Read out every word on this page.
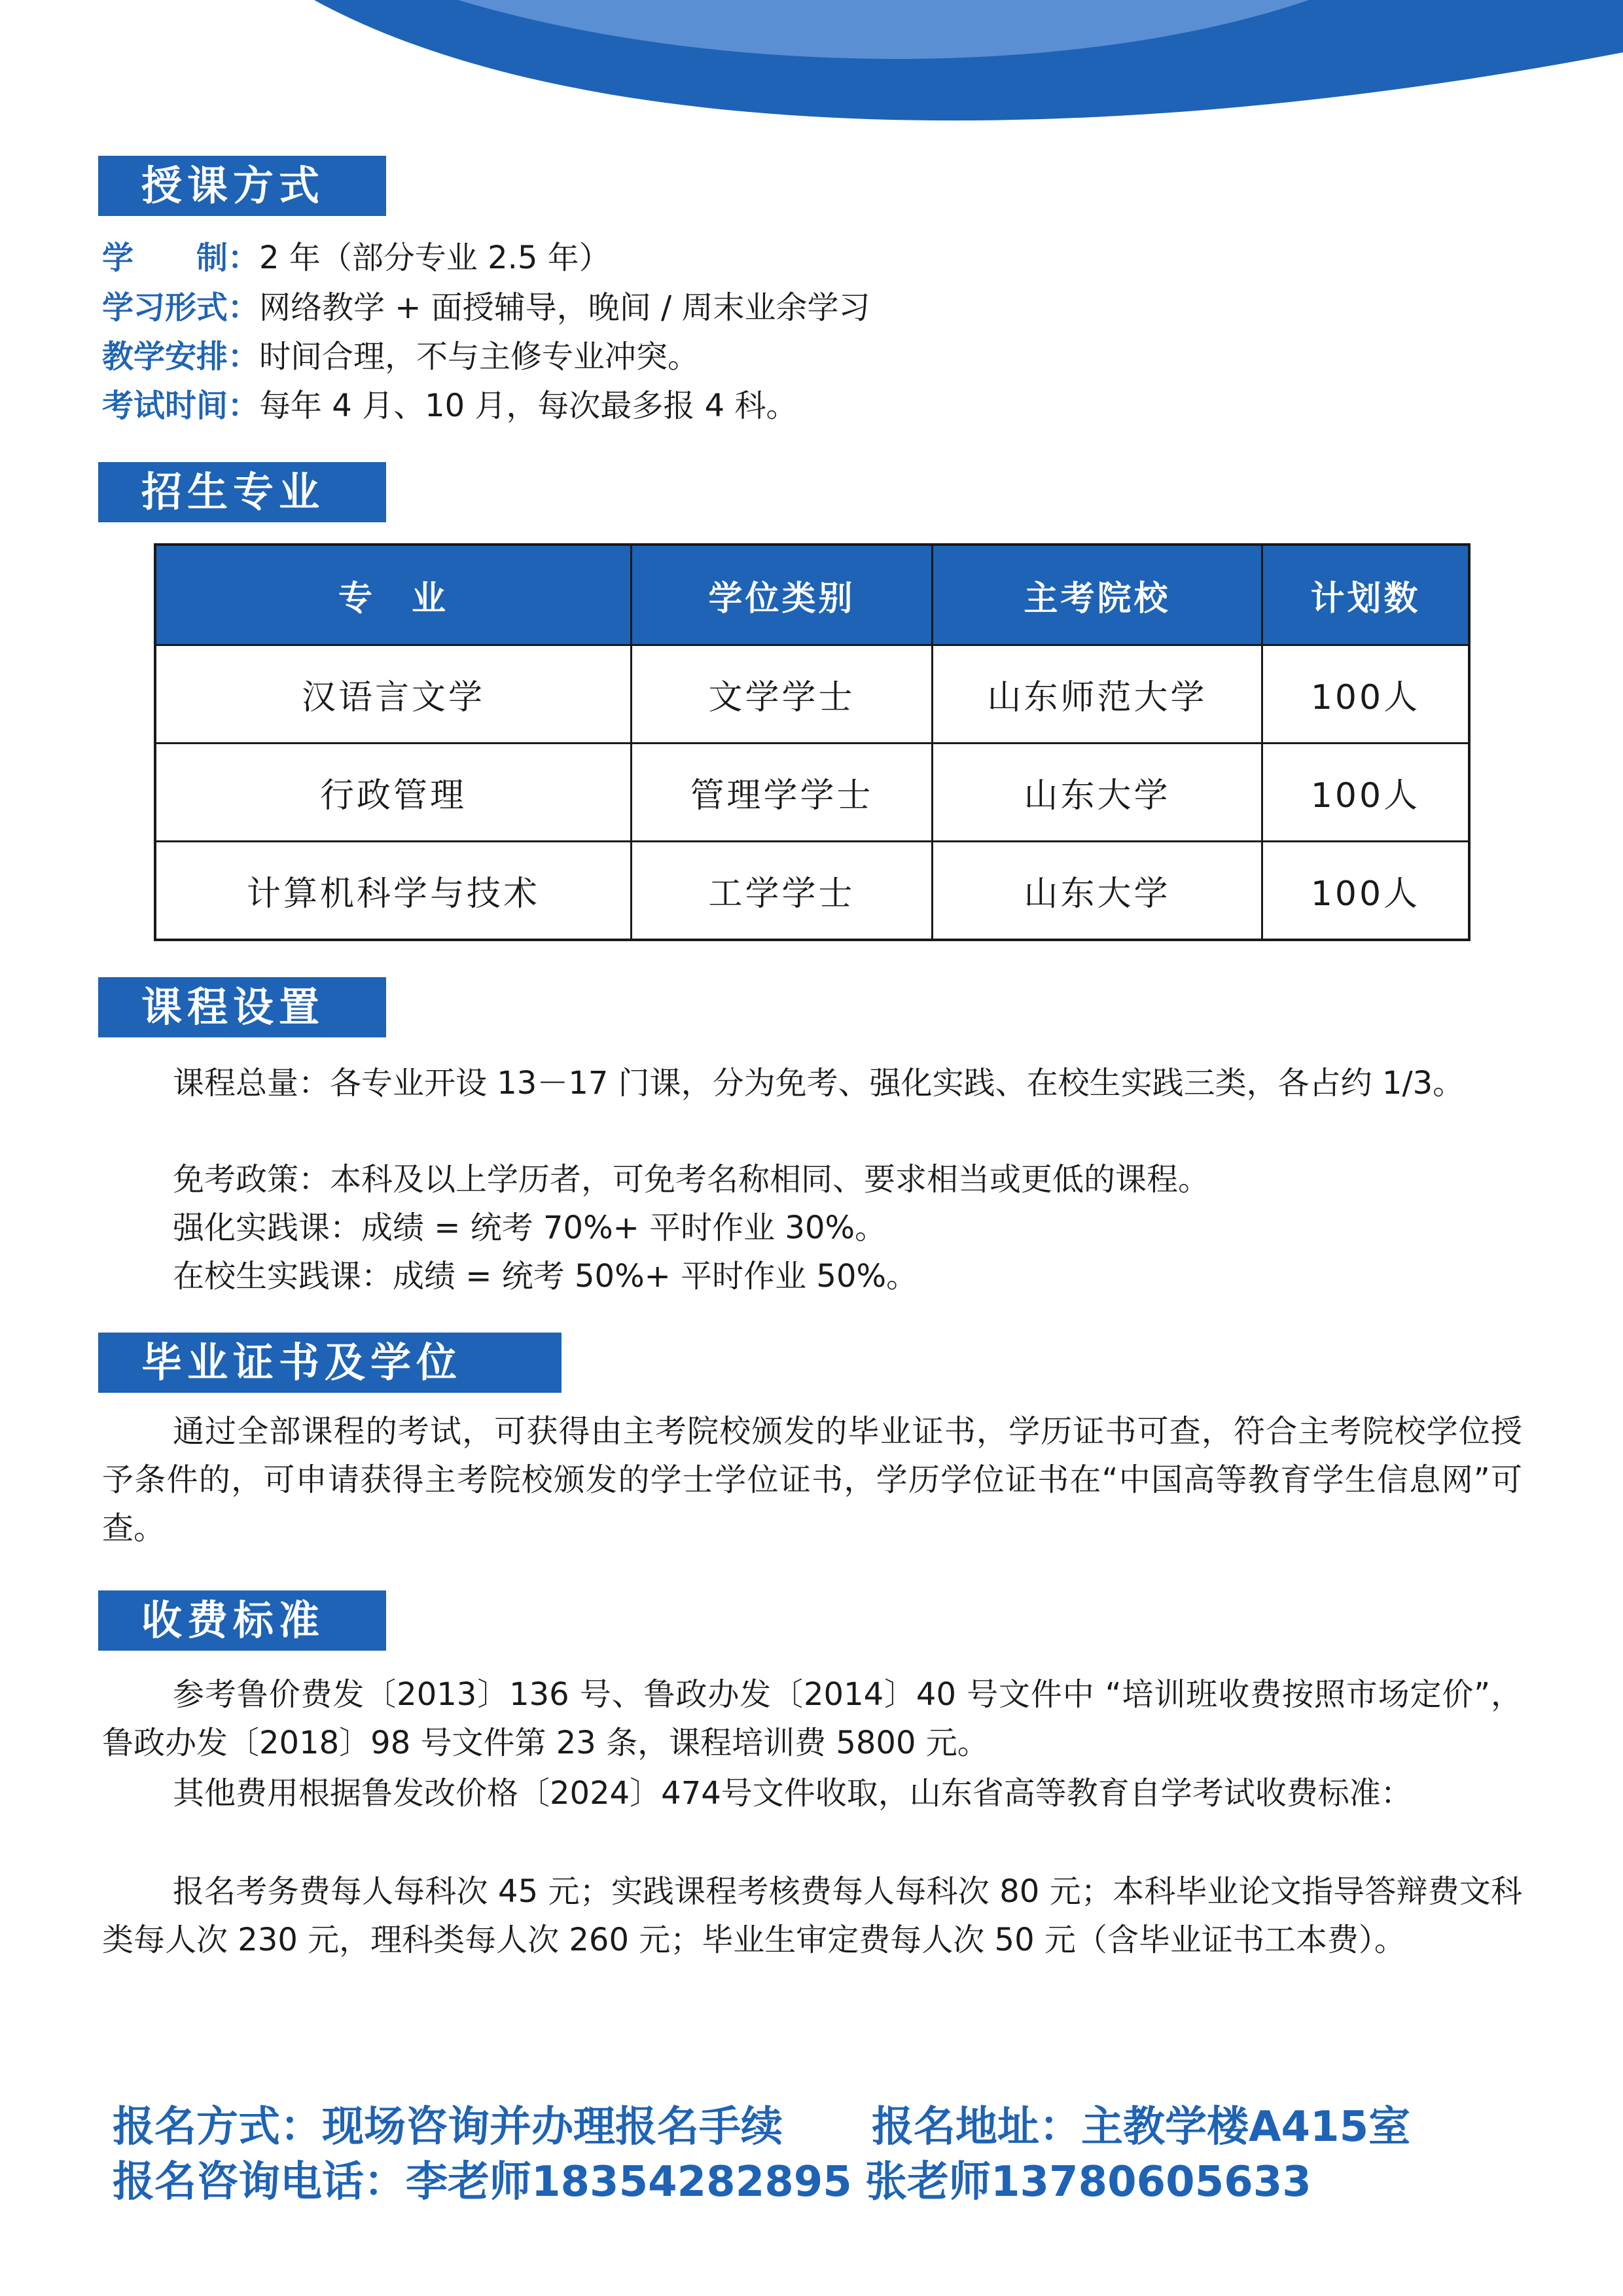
授课方式
学　　制：2 年（部分专业 2.5 年）
学习形式：网络教学 + 面授辅导，晚间 / 周末业余学习
教学安排：时间合理，不与主修专业冲突。
考试时间：每年 4 月、10 月，每次最多报 4 科。
招生专业
专　业	学位类别	主考院校	计划数
汉语言文学	文学学士	山东师范大学	100人
行政管理	管理学学士	山东大学	100人
计算机科学与技术	工学学士	山东大学	100人
课程设置

课程总量：各专业开设 13－17 门课，分为免考、强化实践、在校生实践三类，各占约 1/3。

免考政策：本科及以上学历者，可免考名称相同、要求相当或更低的课程。

强化实践课：成绩 = 统考 70%+ 平时作业 30%。

在校生实践课：成绩 = 统考 50%+ 平时作业 50%。

毕业证书及学位

通过全部课程的考试，可获得由主考院校颁发的毕业证书，学历证书可查，符合主考院校学位授予条件的，可申请获得主考院校颁发的学士学位证书，学历学位证书在“中国高等教育学生信息网”可查。

收费标准

参考鲁价费发〔2013〕136 号、鲁政办发〔2014〕40 号文件中 “培训班收费按照市场定价”，鲁政办发〔2018〕98 号文件第 23 条，课程培训费 5800 元。

其他费用根据鲁发改价格〔2024〕474号文件收取，山东省高等教育自学考试收费标准：

报名考务费每人每科次 45 元；实践课程考核费每人每科次 80 元；本科毕业论文指导答辩费文科类每人次 230 元，理科类每人次 260 元；毕业生审定费每人次 50 元（含毕业证书工本费）。

报名方式：现场咨询并办理报名手续 报名地址：主教学楼A415室
报名咨询电话：李老师18354282895 张老师13780605633
